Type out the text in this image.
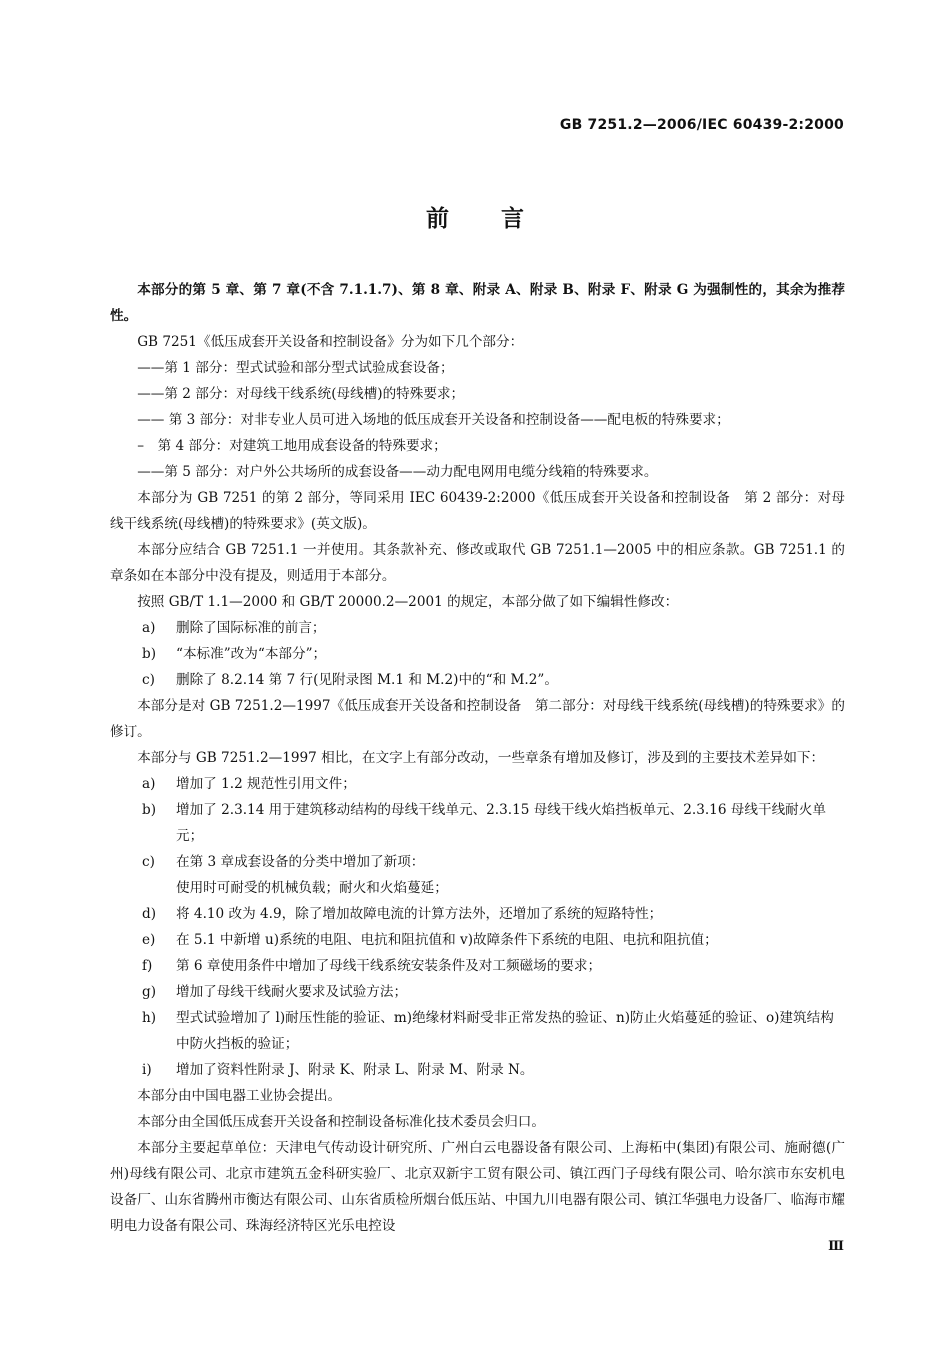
GB 7251.2—2006/IEC 60439-2:2000
前言

本部分的第 5 章、第 7 章(不含 7.1.1.7)、第 8 章、附录 A、附录 B、附录 F、附录 G 为强制性的，其余为推荐性。

GB 7251《低压成套开关设备和控制设备》分为如下几个部分：

——第 1 部分：型式试验和部分型式试验成套设备；

——第 2 部分：对母线干线系统(母线槽)的特殊要求；

—— 第 3 部分：对非专业人员可进入场地的低压成套开关设备和控制设备——配电板的特殊要求；

–　第 4 部分：对建筑工地用成套设备的特殊要求；

——第 5 部分：对户外公共场所的成套设备——动力配电网用电缆分线箱的特殊要求。

本部分为 GB 7251 的第 2 部分，等同采用 IEC 60439-2:2000《低压成套开关设备和控制设备　第 2 部分：对母线干线系统(母线槽)的特殊要求》(英文版)。

本部分应结合 GB 7251.1 一并使用。其条款补充、修改或取代 GB 7251.1—2005 中的相应条款。GB 7251.1 的章条如在本部分中没有提及，则适用于本部分。

按照 GB/T 1.1—2000 和 GB/T 20000.2—2001 的规定，本部分做了如下编辑性修改：

a)	删除了国际标准的前言；
b)	“本标准”改为“本部分”；
c)	删除了 8.2.14 第 7 行(见附录图 M.1 和 M.2)中的“和 M.2”。

本部分是对 GB 7251.2—1997《低压成套开关设备和控制设备　第二部分：对母线干线系统(母线槽)的特殊要求》的修订。

本部分与 GB 7251.2—1997 相比，在文字上有部分改动，一些章条有增加及修订，涉及到的主要技术差异如下：

a)	增加了 1.2 规范性引用文件；
b)	增加了 2.3.14 用于建筑移动结构的母线干线单元、2.3.15 母线干线火焰挡板单元、2.3.16 母线干线耐火单元；
c)	在第 3 章成套设备的分类中增加了新项：

使用时可耐受的机械负载；耐火和火焰蔓延；

d)	将 4.10 改为 4.9，除了增加故障电流的计算方法外，还增加了系统的短路特性；
e)	在 5.1 中新增 u)系统的电阻、电抗和阻抗值和 v)故障条件下系统的电阻、电抗和阻抗值；
f)	第 6 章使用条件中增加了母线干线系统安装条件及对工频磁场的要求；
g)	增加了母线干线耐火要求及试验方法；
h)	型式试验增加了 l)耐压性能的验证、m)绝缘材料耐受非正常发热的验证、n)防止火焰蔓延的验证、o)建筑结构中防火挡板的验证；
i)	增加了资料性附录 J、附录 K、附录 L、附录 M、附录 N。

本部分由中国电器工业协会提出。

本部分由全国低压成套开关设备和控制设备标准化技术委员会归口。

本部分主要起草单位：天津电气传动设计研究所、广州白云电器设备有限公司、上海柘中(集团)有限公司、施耐德(广州)母线有限公司、北京市建筑五金科研实验厂、北京双新宇工贸有限公司、镇江西门子母线有限公司、哈尔滨市东安机电设备厂、山东省腾州市衡达有限公司、山东省质检所烟台低压站、中国九川电器有限公司、镇江华强电力设备厂、临海市耀明电力设备有限公司、珠海经济特区光乐电控设

Ⅲ
